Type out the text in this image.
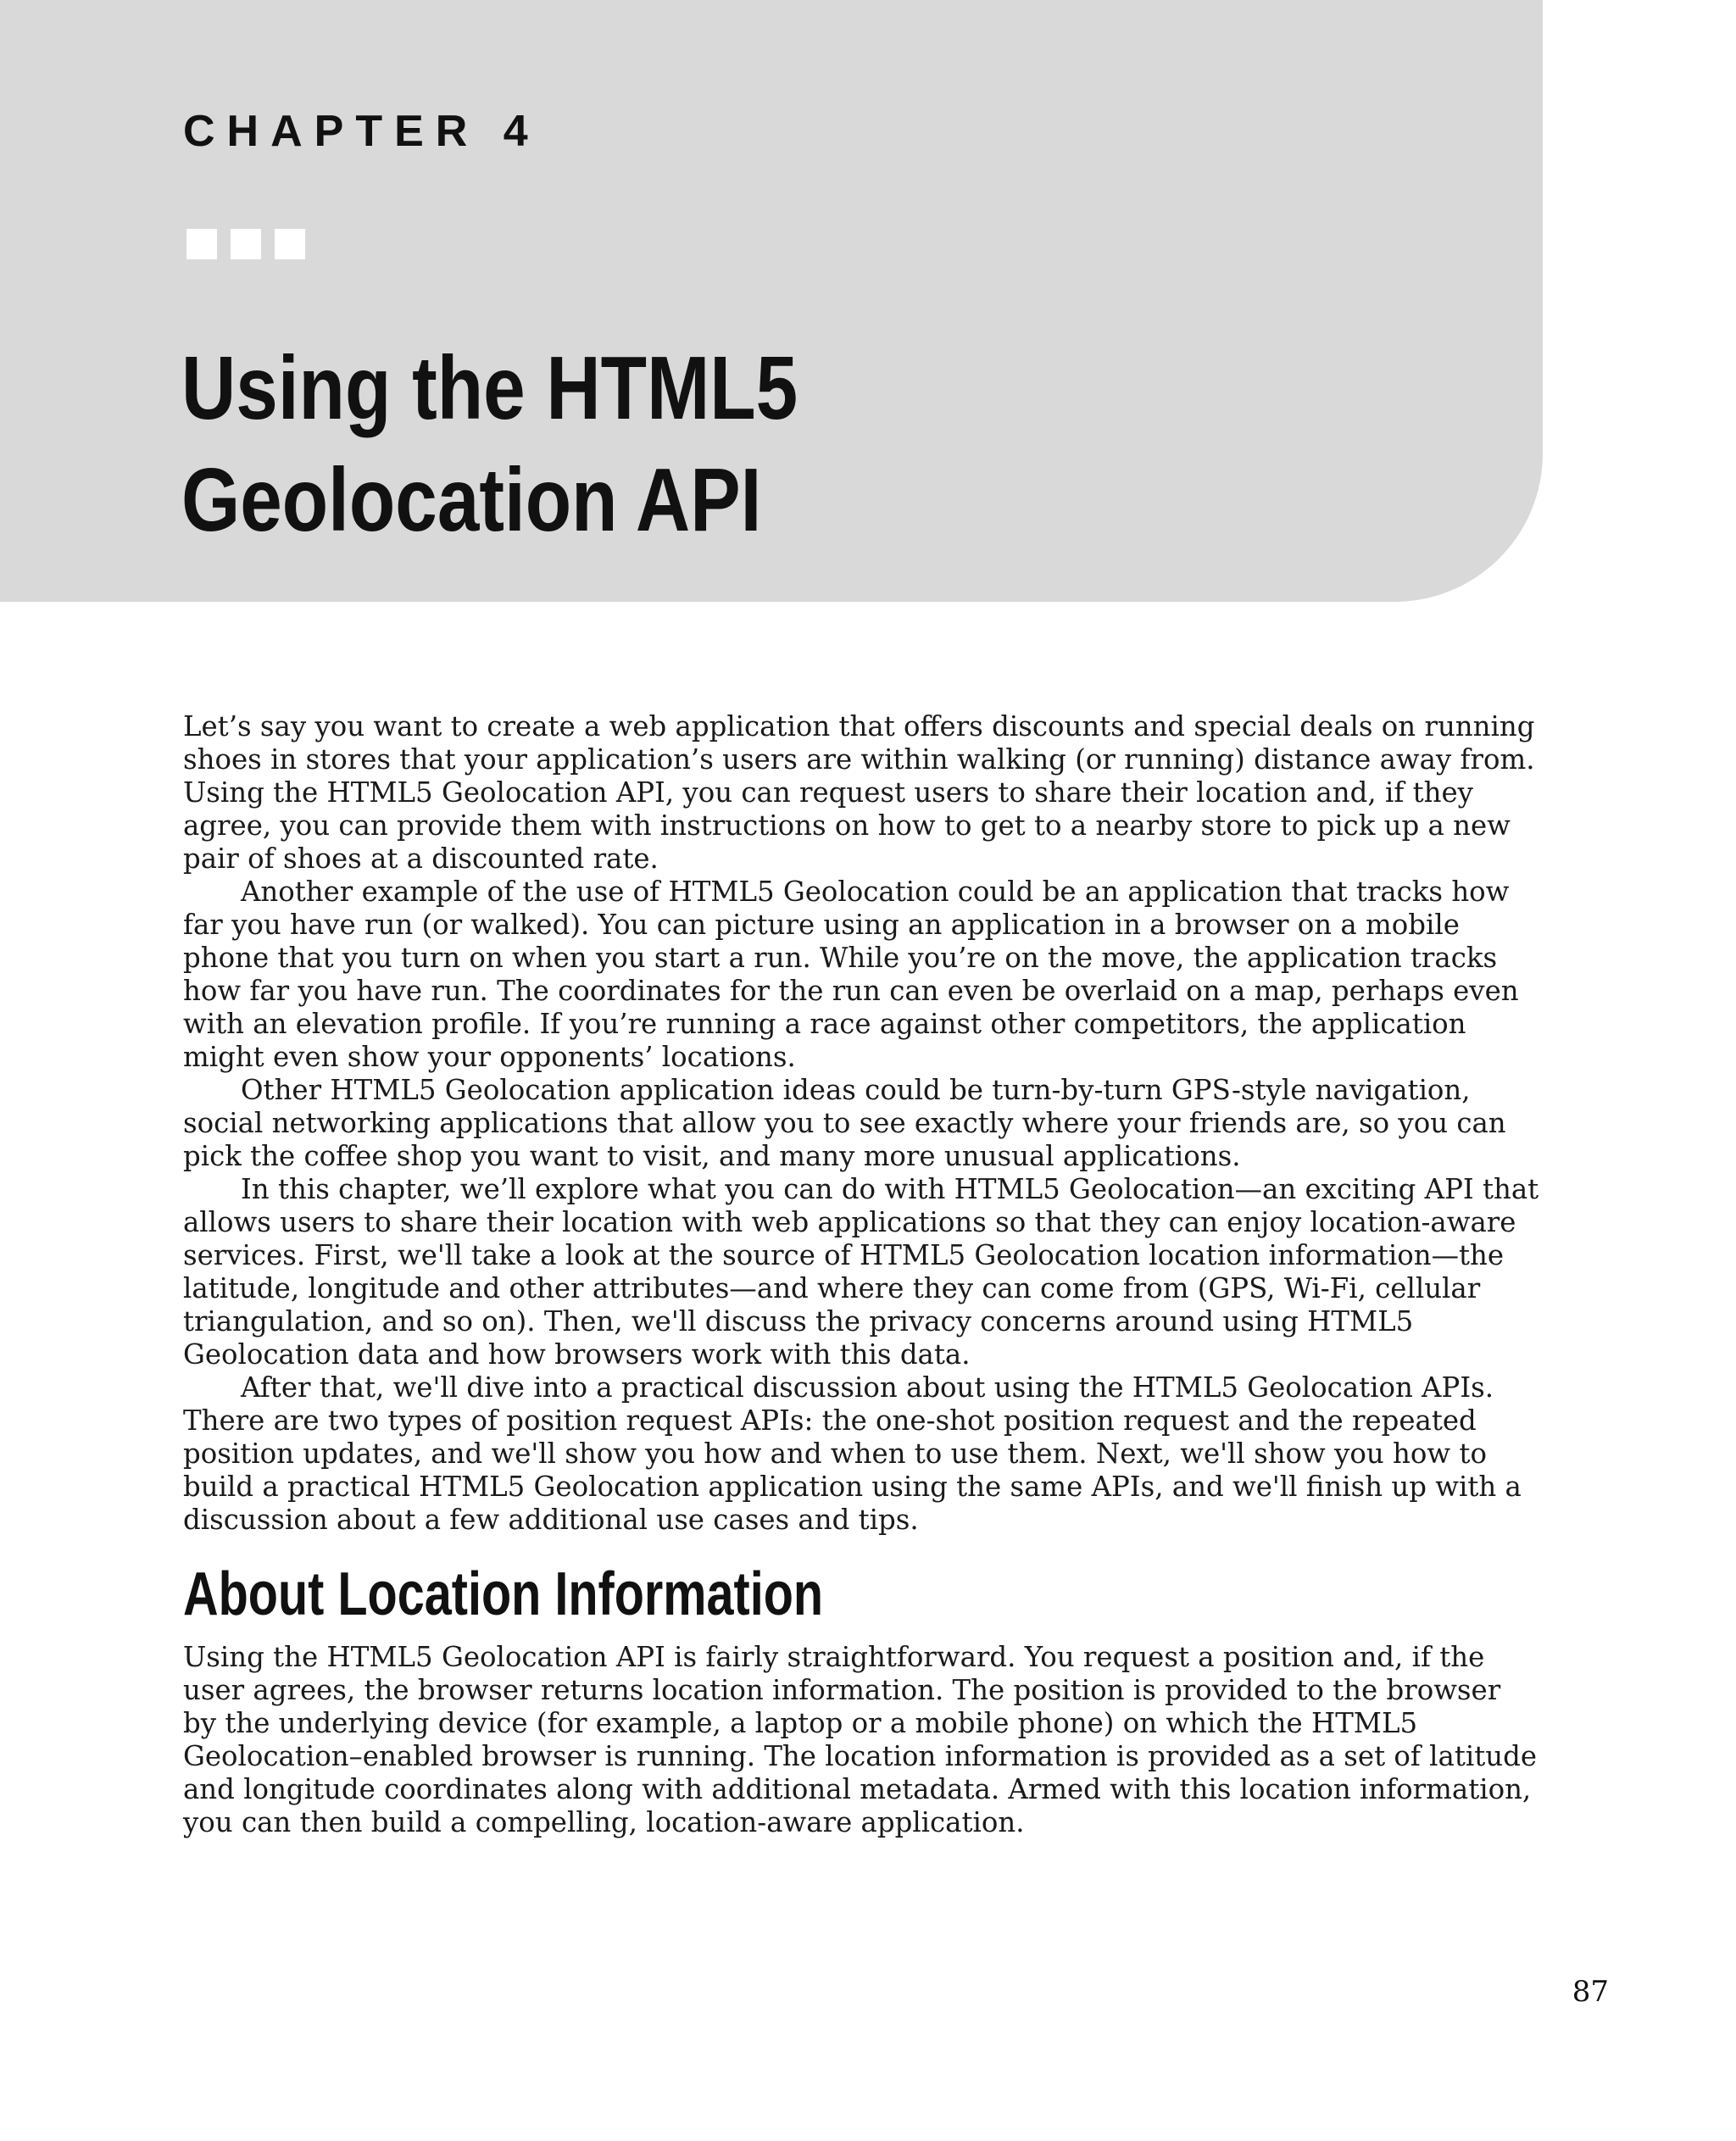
CHAPTER 4
Using the HTML5 Geolocation API

Let’s say you want to create a web application that offers discounts and special deals on running shoes in stores that your application’s users are within walking (or running) distance away from. Using the HTML5 Geolocation API, you can request users to share their location and, if they agree, you can provide them with instructions on how to get to a nearby store to pick up a new pair of shoes at a discounted rate.

Another example of the use of HTML5 Geolocation could be an application that tracks how far you have run (or walked). You can picture using an application in a browser on a mobile phone that you turn on when you start a run. While you’re on the move, the application tracks how far you have run. The coordinates for the run can even be overlaid on a map, perhaps even with an elevation profile. If you’re running a race against other competitors, the application might even show your opponents’ locations.

Other HTML5 Geolocation application ideas could be turn-by-turn GPS-style navigation, social networking applications that allow you to see exactly where your friends are, so you can pick the coffee shop you want to visit, and many more unusual applications.

In this chapter, we’ll explore what you can do with HTML5 Geolocation—an exciting API that allows users to share their location with web applications so that they can enjoy location-aware services. First, we'll take a look at the source of HTML5 Geolocation location information—the latitude, longitude and other attributes—and where they can come from (GPS, Wi-Fi, cellular triangulation, and so on). Then, we'll discuss the privacy concerns around using HTML5 Geolocation data and how browsers work with this data.

After that, we'll dive into a practical discussion about using the HTML5 Geolocation APIs. There are two types of position request APIs: the one-shot position request and the repeated position updates, and we'll show you how and when to use them. Next, we'll show you how to build a practical HTML5 Geolocation application using the same APIs, and we'll finish up with a discussion about a few additional use cases and tips.

About Location Information

Using the HTML5 Geolocation API is fairly straightforward. You request a position and, if the user agrees, the browser returns location information. The position is provided to the browser by the underlying device (for example, a laptop or a mobile phone) on which the HTML5 Geolocation–enabled browser is running. The location information is provided as a set of latitude and longitude coordinates along with additional metadata. Armed with this location information, you can then build a compelling, location-aware application.

87
